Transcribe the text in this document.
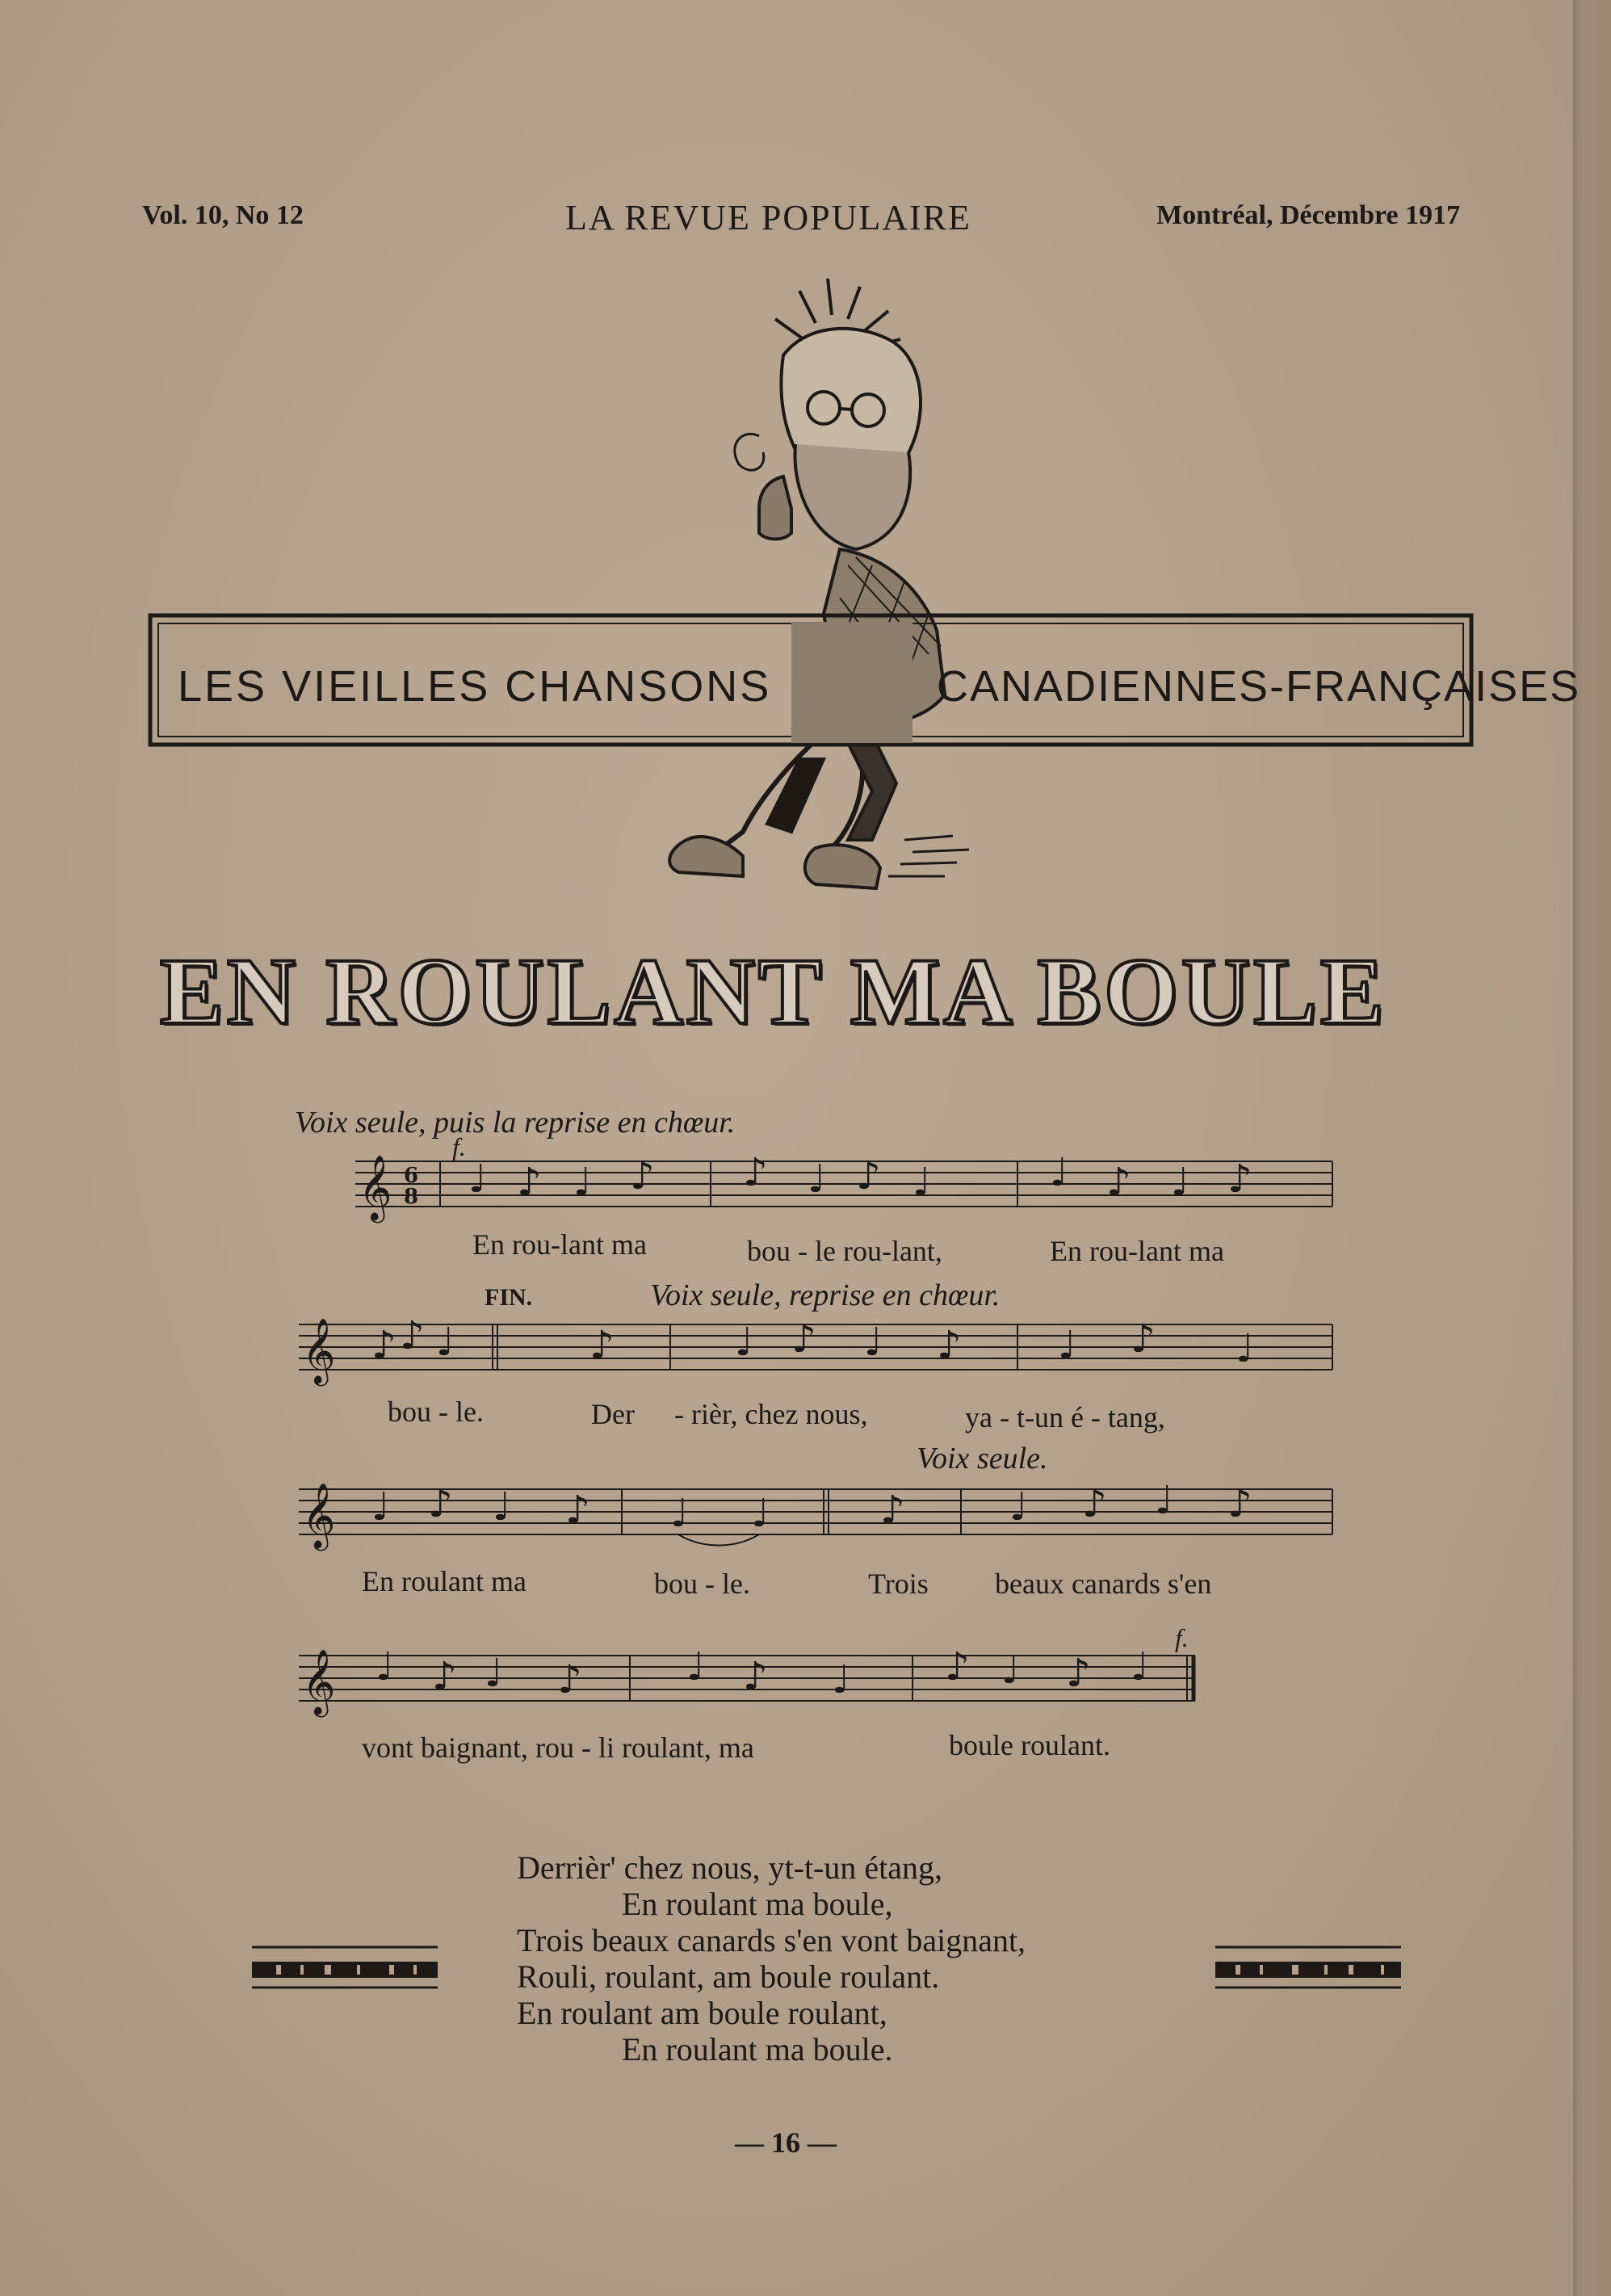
Vol. 10, No 12	LA REVUE POPULAIRE	Montréal, Décembre 1917
LES VIEILLES CHANSONS	CANADIENNES-FRANÇAISES
EN ROULANT MA BOULE
Voix seule, puis la reprise en chœur.
f.
𝄞 6
8 ♩ ♪ ♩ ♪ ♪ ♩ ♪ ♩	♩ ♪ ♩ ♪
En rou-lant ma	bou - le rou-lant,	En rou-lant ma
FIN.	Voix seule, reprise en chœur.
𝄞 ♪ ♪ ♩	♪	♩ ♪ ♩ ♪ ♩ ♪ ♩
bou - le.	Der - rièr, chez nous,	ya - t-un é - tang,
Voix seule.
𝄞 ♩ ♪ ♩ ♪ ♩ ♩	♪	♩ ♪ ♩ ♪
En roulant ma	bou - le.	Trois beaux canards s'en
f.
𝄞 ♩ ♪ ♩ ♪	♩ ♪ ♩ ♪ ♩ ♪ ♩
vont baignant, rou - li roulant, ma	boule roulant.
Derrièr' chez nous, yt-t-un étang,
En roulant ma boule,
Trois beaux canards s'en vont baignant,
Rouli, roulant, am boule roulant.
En roulant am boule roulant,
En roulant ma boule.
— 16 —
